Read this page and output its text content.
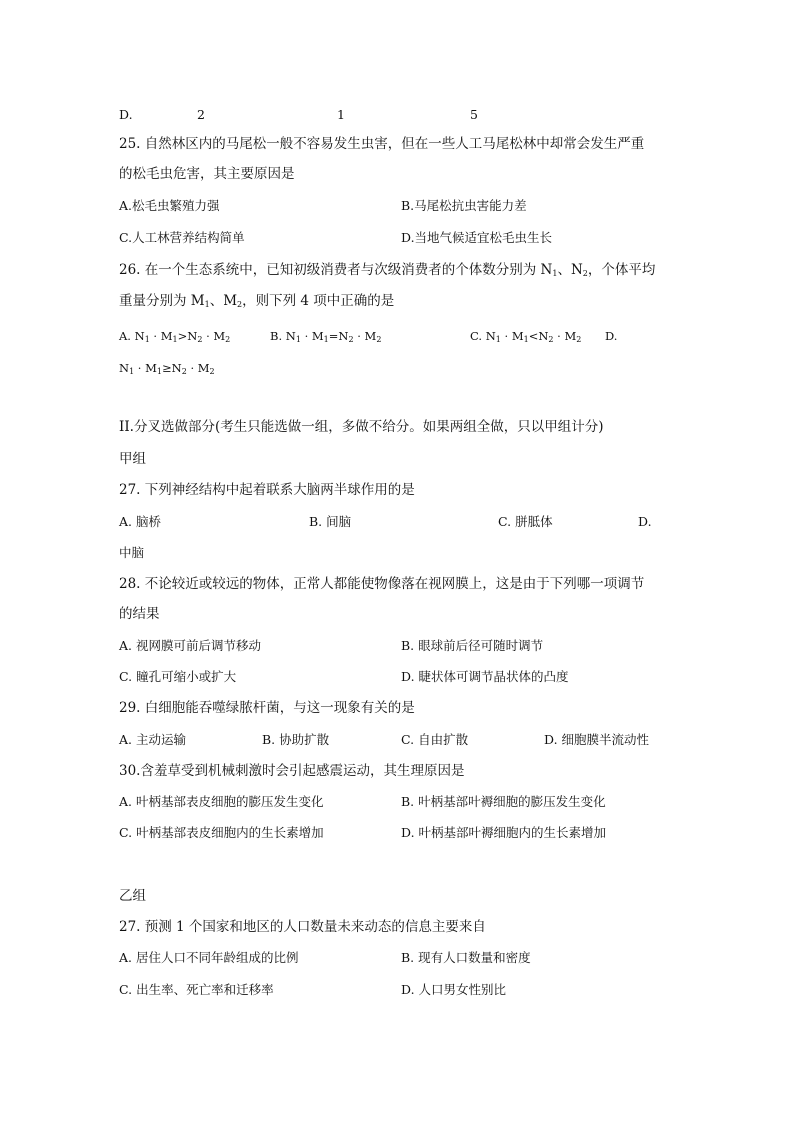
D.	2	1	5
25. 自然林区内的马尾松一般不容易发生虫害，但在一些人工马尾松林中却常会发生严重
的松毛虫危害，其主要原因是
A.松毛虫繁殖力强	B.马尾松抗虫害能力差
C.人工林营养结构简单	D.当地气候适宜松毛虫生长
26. 在一个生态系统中，已知初级消费者与次级消费者的个体数分别为 $N_1$、$N_2$，个体平均
重量分别为 $M_1$、$M_2$，则下列 4 项中正确的是
A. $N_1 \cdot M_1>N_2 \cdot M_2$	B. $N_1 \cdot M_1=N_2 \cdot M_2$	C. $N_1 \cdot M_1<N_2 \cdot M_2$ D.
$N_1 \cdot M_1\ge N_2 \cdot M_2$
II.分叉选做部分(考生只能选做一组，多做不给分。如果两组全做，只以甲组计分)
甲组
27. 下列神经结构中起着联系大脑两半球作用的是
A. 脑桥	B. 间脑	C. 胼胝体	D.
中脑
28. 不论较近或较远的物体，正常人都能使物像落在视网膜上，这是由于下列哪一项调节
的结果
A. 视网膜可前后调节移动	B. 眼球前后径可随时调节
C. 瞳孔可缩小或扩大	D. 睫状体可调节晶状体的凸度
29. 白细胞能吞噬绿脓杆菌，与这一现象有关的是
A. 主动运输	B. 协助扩散	C. 自由扩散	D. 细胞膜半流动性
30.含羞草受到机械刺激时会引起感震运动，其生理原因是
A. 叶柄基部表皮细胞的膨压发生变化	B. 叶柄基部叶褥细胞的膨压发生变化
C. 叶柄基部表皮细胞内的生长素增加	D. 叶柄基部叶褥细胞内的生长素增加
乙组
27. 预测 1 个国家和地区的人口数量未来动态的信息主要来自
A. 居住人口不同年龄组成的比例	B. 现有人口数量和密度
C. 出生率、死亡率和迁移率	D. 人口男女性别比
